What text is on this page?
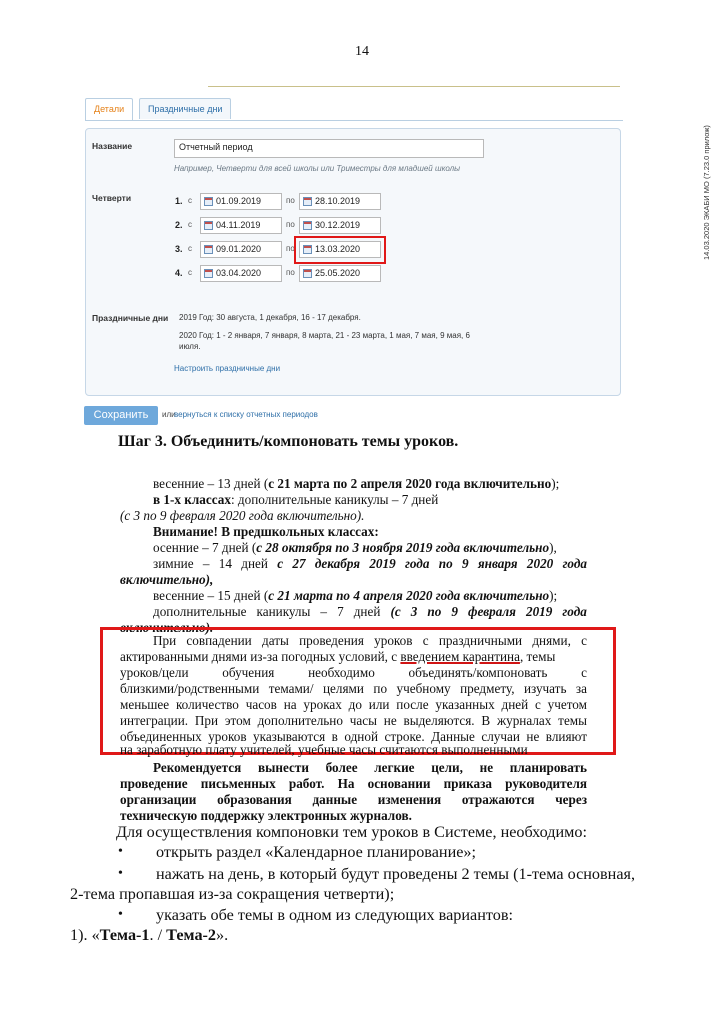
14
14.03.2020 ЭКАБИ МО (7.23.0 прилож)
Детали	Праздничные дни
Название	Отчетный период
Например, Четверти для всей школы или Триместры для младшей школы
Четверти	1. с	01.09.2019	по	28.10.2019
2. с	04.11.2019	по	30.12.2019
3. с	09.01.2020	по	13.03.2020
4. с	03.04.2020	по	25.05.2020
Праздничные дни 2019 Год: 30 августа, 1 декабря, 16 - 17 декабря.
2020 Год: 1 - 2 января, 7 января, 8 марта, 21 - 23 марта, 1 мая, 7 мая, 9 мая, 6
июля.
Настроить праздничные дни
Сохранить	или
вернуться к списку отчетных периодов
Шаг 3. Объединить/компоновать темы уроков.
весенние – 13 дней (с 21 марта по 2 апреля 2020 года включительно);
в 1-х классах: дополнительные каникулы – 7 дней
(с 3 по 9 февраля 2020 года включительно).
Внимание! В предшкольных классах:
осенние – 7 дней (с 28 октября по 3 ноября 2019 года включительно),
зимние – 14 дней с 27 декабря 2019 года по 9 января 2020 года
включительно),
весенние – 15 дней (с 21 марта по 4 апреля 2020 года включительно);
дополнительные каникулы – 7 дней (с 3 по 9 февраля 2019 года
включительно).
При совпадении даты проведения уроков с праздничными днями, с
актированными днями из-за погодных условий, с введением карантина, темы
уроков/цели обучения необходимо объединять/компоновать с
близкими/родственными темами/ целями по учебному предмету, изучать за
меньшее количество часов на уроках до или после указанных дней с учетом
интеграции. При этом дополнительно часы не выделяются. В журналах темы
объединенных уроков указываются в одной строке. Данные случаи не влияют
на заработную плату учителей, учебные часы считаются выполненными
Рекомендуется вынести более легкие цели, не планировать
проведение письменных работ. На основании приказа руководителя
организации образования данные изменения отражаются через
техническую поддержку электронных журналов.
Для осуществления компоновки тем уроков в Системе, необходимо:
• открыть раздел «Календарное планирование»;
• нажать на день, в который будут проведены 2 темы (1-тема основная,
2-тема пропавшая из-за сокращения четверти);
• указать обе темы в одном из следующих вариантов:
1). «Тема-1. / Тема-2».
